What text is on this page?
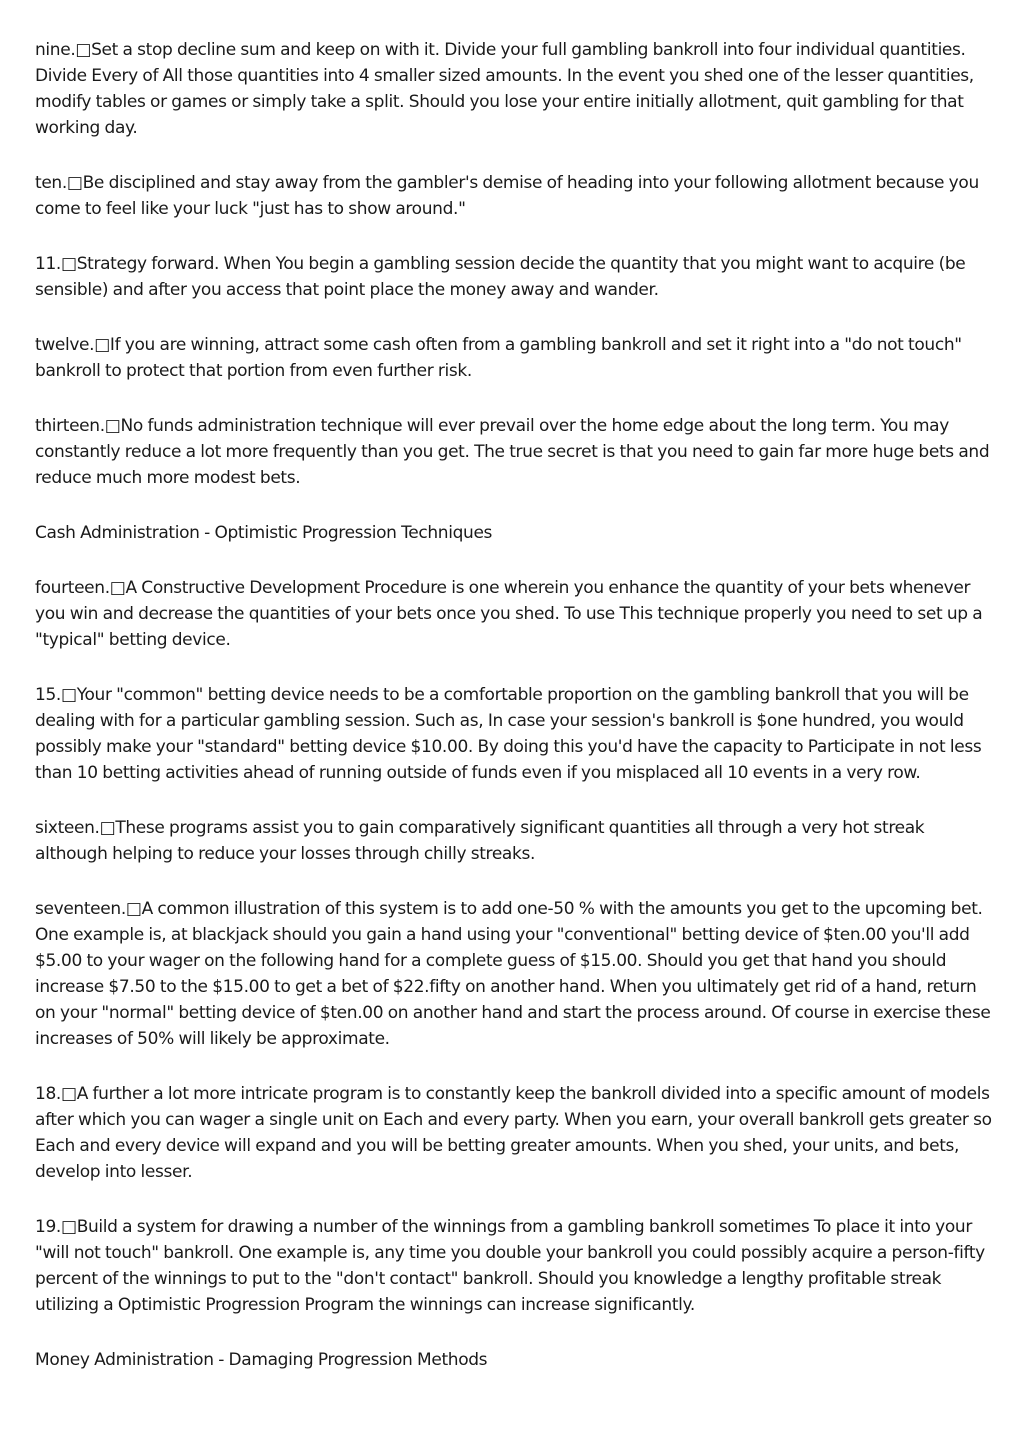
nine.□Set a stop decline sum and keep on with it. Divide your full gambling bankroll into four individual quantities. Divide Every of All those quantities into 4 smaller sized amounts. In the event you shed one of the lesser quantities, modify tables or games or simply take a split. Should you lose your entire initially allotment, quit gambling for that working day.

ten.□Be disciplined and stay away from the gambler's demise of heading into your following allotment because you come to feel like your luck "just has to show around."

11.□Strategy forward. When You begin a gambling session decide the quantity that you might want to acquire (be sensible) and after you access that point place the money away and wander.

twelve.□If you are winning, attract some cash often from a gambling bankroll and set it right into a "do not touch" bankroll to protect that portion from even further risk.

thirteen.□No funds administration technique will ever prevail over the home edge about the long term. You may constantly reduce a lot more frequently than you get. The true secret is that you need to gain far more huge bets and reduce much more modest bets.

Cash Administration - Optimistic Progression Techniques

fourteen.□A Constructive Development Procedure is one wherein you enhance the quantity of your bets whenever you win and decrease the quantities of your bets once you shed. To use This technique properly you need to set up a "typical" betting device.

15.□Your "common" betting device needs to be a comfortable proportion on the gambling bankroll that you will be dealing with for a particular gambling session. Such as, In case your session's bankroll is $one hundred, you would possibly make your "standard" betting device $10.00. By doing this you'd have the capacity to Participate in not less than 10 betting activities ahead of running outside of funds even if you misplaced all 10 events in a very row.

sixteen.□These programs assist you to gain comparatively significant quantities all through a very hot streak although helping to reduce your losses through chilly streaks.

seventeen.□A common illustration of this system is to add one-50 % with the amounts you get to the upcoming bet. One example is, at blackjack should you gain a hand using your "conventional" betting device of $ten.00 you'll add $5.00 to your wager on the following hand for a complete guess of $15.00. Should you get that hand you should increase $7.50 to the $15.00 to get a bet of $22.fifty on another hand. When you ultimately get rid of a hand, return on your "normal" betting device of $ten.00 on another hand and start the process around. Of course in exercise these increases of 50% will likely be approximate.

18.□A further a lot more intricate program is to constantly keep the bankroll divided into a specific amount of models after which you can wager a single unit on Each and every party. When you earn, your overall bankroll gets greater so Each and every device will expand and you will be betting greater amounts. When you shed, your units, and bets, develop into lesser.

19.□Build a system for drawing a number of the winnings from a gambling bankroll sometimes To place it into your "will not touch" bankroll. One example is, any time you double your bankroll you could possibly acquire a person-fifty percent of the winnings to put to the "don't contact" bankroll. Should you knowledge a lengthy profitable streak utilizing a Optimistic Progression Program the winnings can increase significantly.

Money Administration - Damaging Progression Methods
